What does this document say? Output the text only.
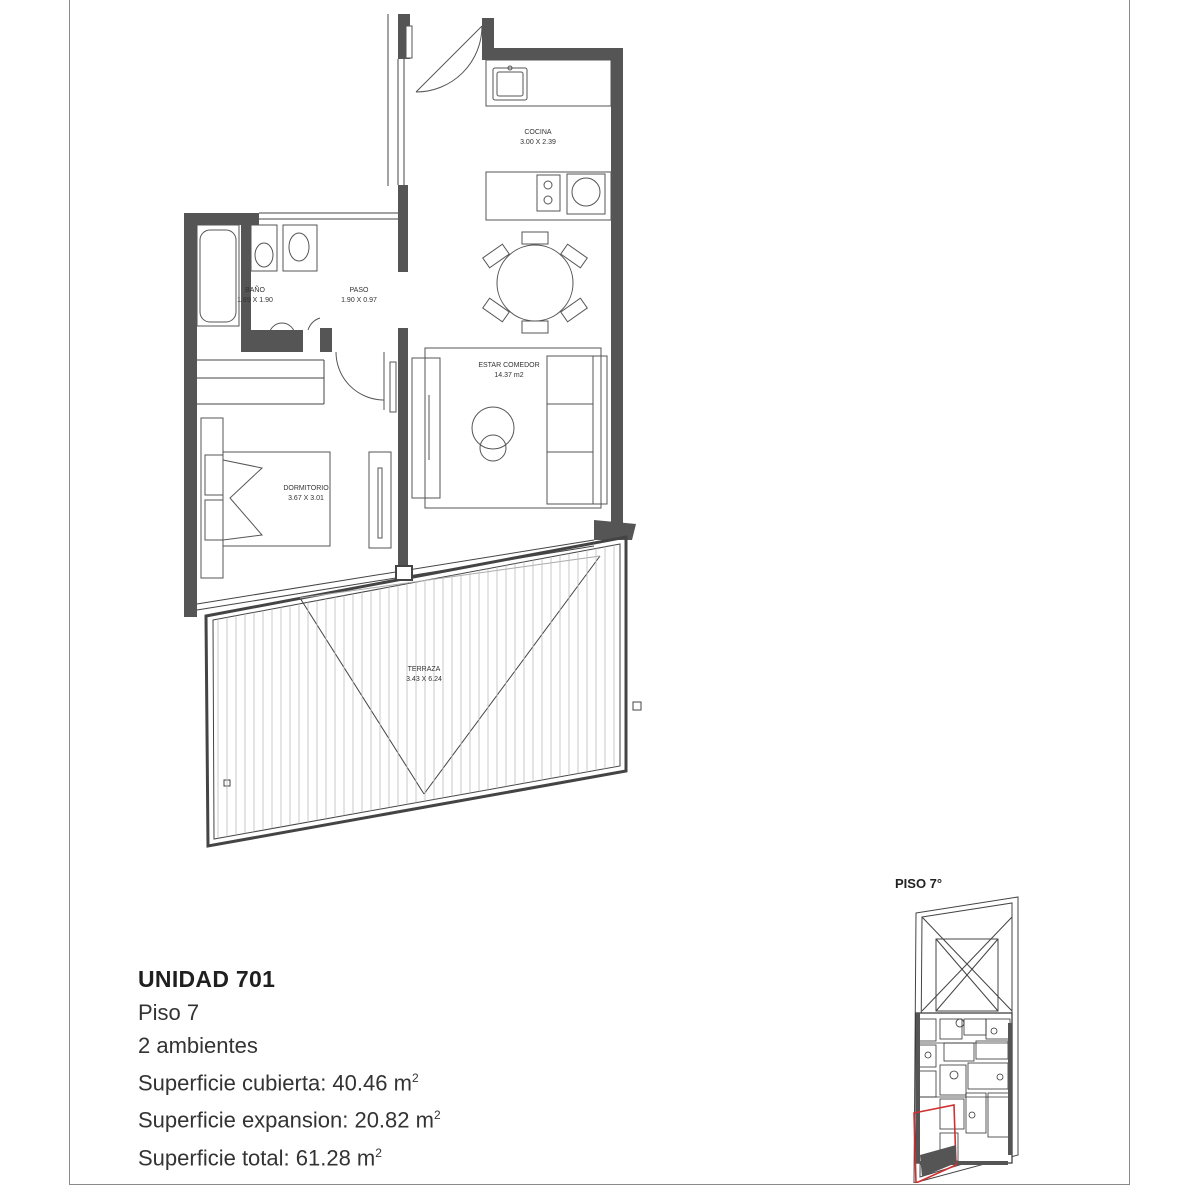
COCINA
3.00 X 2.39
BAÑO
1.89 X 1.90
PASO
1.90 X 0.97
ESTAR COMEDOR
14.37 m2
DORMITORIO
3.67 X 3.01
TERRAZA
3.43 X 6.24
UNIDAD 701
Piso 7
2 ambientes
Superficie cubierta: 40.46 $m^2$
Superficie expansion: 20.82 $m^2$
Superficie total: 61.28 $m^2$
PISO 7°
